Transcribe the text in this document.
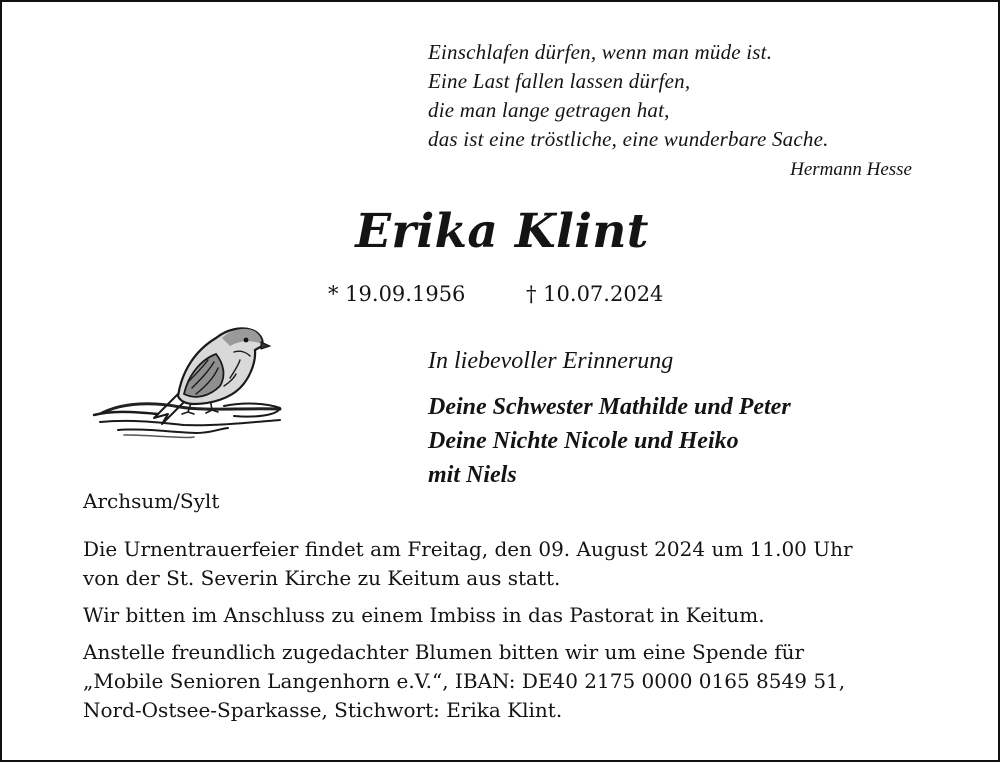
Einschlafen dürfen, wenn man müde ist.
Eine Last fallen lassen dürfen,
die man lange getragen hat,
das ist eine tröstliche, eine wunderbare Sache.
Hermann Hesse
Erika Klint
* 19.09.1956	† 10.07.2024
In liebevoller Erinnerung
Deine Schwester Mathilde und Peter
Deine Nichte Nicole und Heiko
mit Niels
Archsum/Sylt

Die Urnentrauerfeier findet am Freitag, den 09. August 2024 um 11.00 Uhr
von der St. Severin Kirche zu Keitum aus statt.

Wir bitten im Anschluss zu einem Imbiss in das Pastorat in Keitum.

Anstelle freundlich zugedachter Blumen bitten wir um eine Spende für
„Mobile Senioren Langenhorn e.V.“, IBAN: DE40 2175 0000 0165 8549 51,
Nord-Ostsee-Sparkasse, Stichwort: Erika Klint.
